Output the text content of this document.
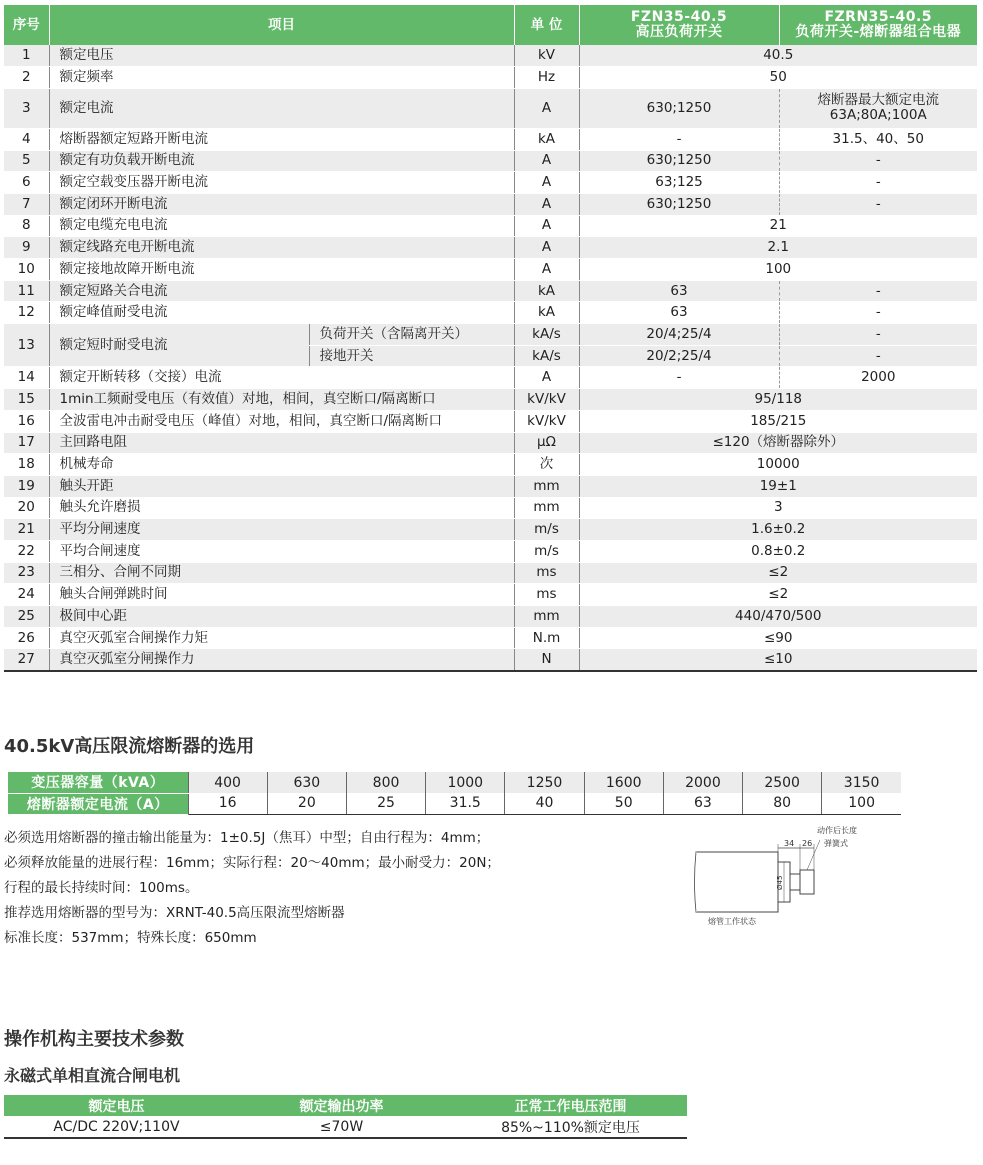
序号	项目		单 位	FZN35-40.5
高压负荷开关	FZRN35-40.5
负荷开关-熔断器组合电器

1	额定电压		kV	40.5	
2	额定频率		Hz	50	
3	额定电流		A	630;1250	熔断器最大额定电流
63A;80A;100A

4	熔断器额定短路开断电流		kA	-	31.5、40、50
5	额定有功负载开断电流		A	630;1250	-
6	额定空载变压器开断电流		A	63;125	-
7	额定闭环开断电流		A	630;1250	-
8	额定电缆充电电流		A	21	
9	额定线路充电开断电流		A	2.1	
10	额定接地故障开断电流		A	100	
11	额定短路关合电流		kA	63	-
12	额定峰值耐受电流		kA	63	-
13	额定短时耐受电流	负荷开关（含隔离开关）	kA/s	20/4;25/4	-
		接地开关	kA/s	20/2;25/4	-
14	额定开断转移（交接）电流		A	-	2000
15	1min工频耐受电压（有效值）对地，相间，真空断口/隔离断口		kV/kV	95/118	
16	全波雷电冲击耐受电压（峰值）对地，相间，真空断口/隔离断口		kV/kV	185/215	
17	主回路电阻		μΩ	≤120（熔断器除外）	
18	机械寿命		次	10000	
19	触头开距		mm	19±1	
20	触头允许磨损		mm	3	
21	平均分闸速度		m/s	1.6±0.2	
22	平均合闸速度		m/s	0.8±0.2	
23	三相分、合闸不同期		ms	≤2	
24	触头合闸弹跳时间		ms	≤2	
25	极间中心距		mm	440/470/500	
26	真空灭弧室合闸操作力矩		N.m	≤90	
27	真空灭弧室分闸操作力		N	≤10	
40.5kV高压限流熔断器的选用
变压器容量（kVA）	400	630	800	1000	1250	1600	2000	2500	3150
熔断器额定电流（A）	16	20	25	31.5	40	50	63	80	100
必须选用熔断器的撞击输出能量为：1±0.5J（焦耳）中型；自由行程为：4mm；
必须释放能量的进展行程：16mm；实际行程：20～40mm；最小耐受力：20N；
行程的最长持续时间：100ms。
推荐选用熔断器的型号为：XRNT-40.5高压限流型熔断器
标准长度：537mm；特殊长度：650mm
34 26
Ø45
动作后长度
弹簧式
熔管工作状态
操作机构主要技术参数
永磁式单相直流合闸电机
额定电压	额定输出功率	正常工作电压范围
AC/DC 220V;110V	≤70W	85%~110%额定电压
